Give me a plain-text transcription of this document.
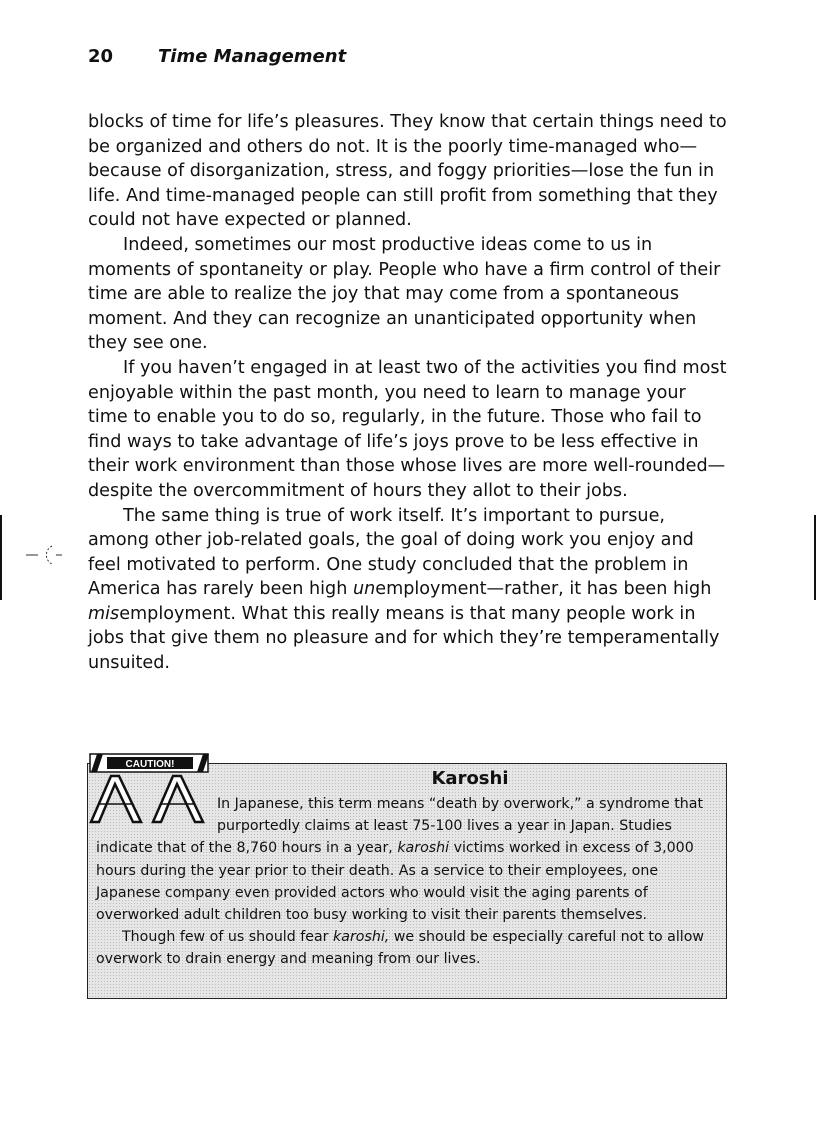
20 Time Management

blocks of time for life’s pleasures. They know that certain things need to be organized and others do not. It is the poorly time-managed who—because of disorganization, stress, and foggy priorities—lose the fun in life. And time-managed people can still profit from something that they could not have expected or planned.

Indeed, sometimes our most productive ideas come to us in moments of spontaneity or play. People who have a firm control of their time are able to realize the joy that may come from a spontaneous moment. And they can recognize an unanticipated opportunity when they see one.

If you haven’t engaged in at least two of the activities you find most enjoyable within the past month, you need to learn to manage your time to enable you to do so, regularly, in the future. Those who fail to find ways to take advantage of life’s joys prove to be less effective in their work environment than those whose lives are more well-rounded—despite the overcommitment of hours they allot to their jobs.

The same thing is true of work itself. It’s important to pursue, among other job-related goals, the goal of doing work you enjoy and feel motivated to perform. One study concluded that the problem in America has rarely been high unemployment—rather, it has been high misemployment. What this really means is that many people work in jobs that give them no pleasure and for which they’re temperamentally unsuited.

CAUTION!
Karoshi

In Japanese, this term means “death by overwork,” a syndrome that purportedly claims at least 75-100 lives a year in Japan. Studies indicate that of the 8,760 hours in a year, karoshi victims worked in excess of 3,000 hours during the year prior to their death. As a service to their employees, one Japanese company even provided actors who would visit the aging parents of overworked adult children too busy working to visit their parents themselves.

Though few of us should fear karoshi, we should be especially careful not to allow overwork to drain energy and meaning from our lives.
